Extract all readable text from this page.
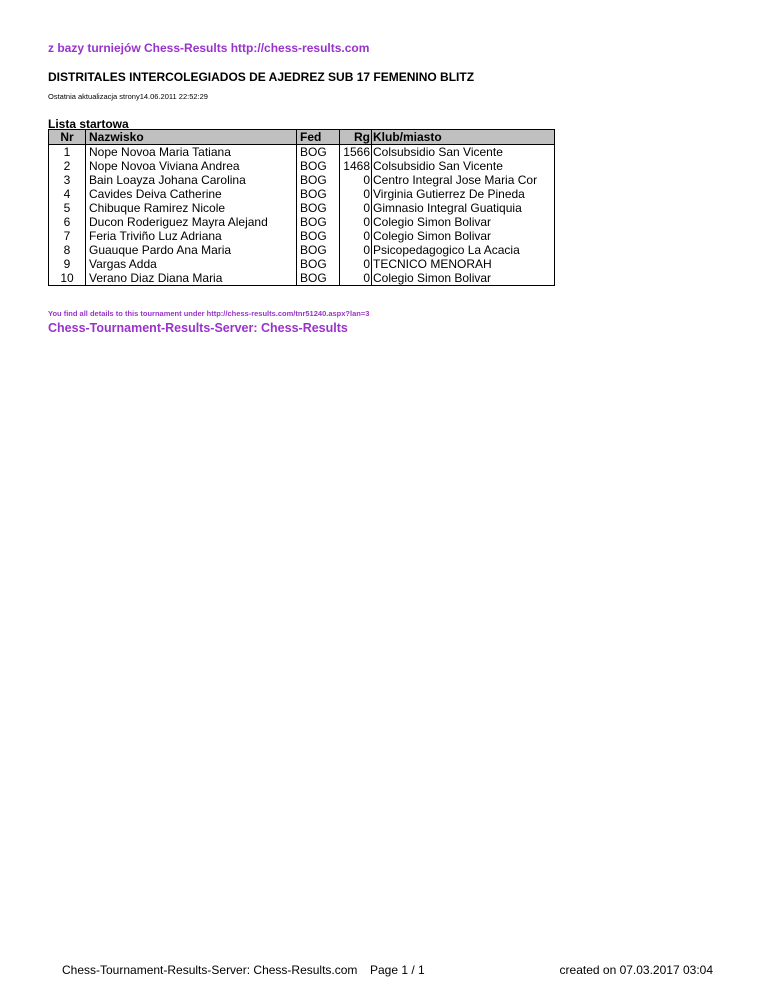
z bazy turniejów Chess-Results http://chess-results.com
DISTRITALES INTERCOLEGIADOS DE AJEDREZ SUB 17 FEMENINO BLITZ
Ostatnia aktualizacja strony14.06.2011 22:52:29
Lista startowa
Nr	Nazwisko	Fed	Rg	Klub/miasto
1	Nope Novoa Maria Tatiana	BOG	1566	Colsubsidio San Vicente
2	Nope Novoa Viviana Andrea	BOG	1468	Colsubsidio San Vicente
3	Bain Loayza Johana Carolina	BOG	0	Centro Integral Jose Maria Cor
4	Cavides Deiva Catherine	BOG	0	Virginia Gutierrez De Pineda
5	Chibuque Ramirez Nicole	BOG	0	Gimnasio Integral Guatiquia
6	Ducon Roderiguez Mayra Alejand	BOG	0	Colegio Simon Bolivar
7	Feria Triviño Luz Adriana	BOG	0	Colegio Simon Bolivar
8	Guauque Pardo Ana Maria	BOG	0	Psicopedagogico La Acacia
9	Vargas Adda	BOG	0	TECNICO MENORAH
10	Verano Diaz Diana Maria	BOG	0	Colegio Simon Bolivar
You find all details to this tournament under http://chess-results.com/tnr51240.aspx?lan=3
Chess-Tournament-Results-Server: Chess-Results
Chess-Tournament-Results-Server: Chess-Results.com Page 1 / 1	created on 07.03.2017 03:04
